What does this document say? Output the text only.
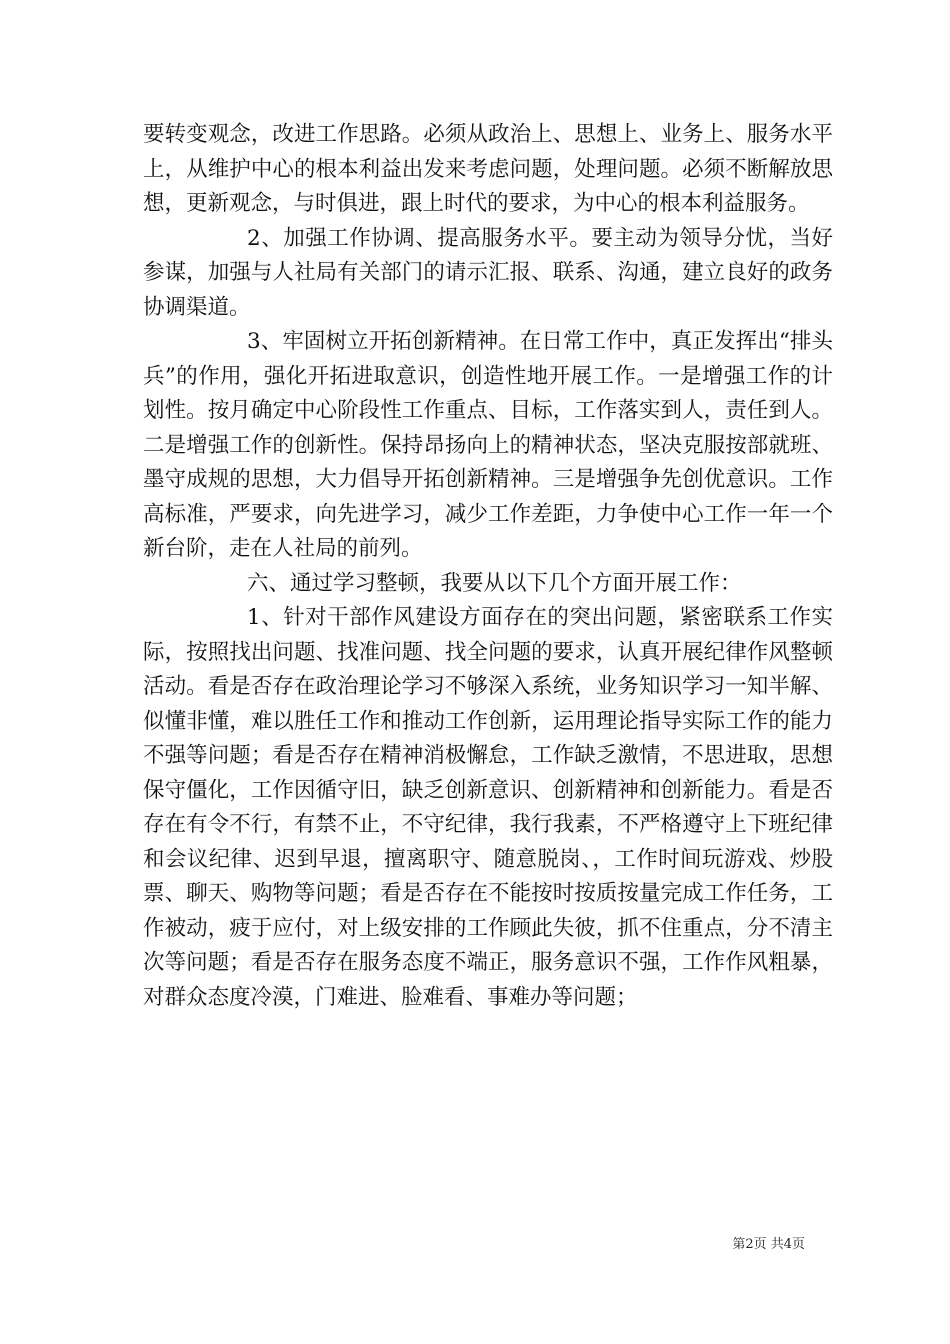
要转变观念，改进工作思路。必须从政治上、思想上、业务上、服务水平上，从维护中心的根本利益出发来考虑问题，处理问题。必须不断解放思想，更新观念，与时俱进，跟上时代的要求，为中心的根本利益服务。

2、加强工作协调、提高服务水平。要主动为领导分忧，当好参谋，加强与人社局有关部门的请示汇报、联系、沟通，建立良好的政务协调渠道。

3、牢固树立开拓创新精神。在日常工作中，真正发挥出“排头兵”的作用，强化开拓进取意识，创造性地开展工作。一是增强工作的计划性。按月确定中心阶段性工作重点、目标，工作落实到人，责任到人。二是增强工作的创新性。保持昂扬向上的精神状态，坚决克服按部就班、墨守成规的思想，大力倡导开拓创新精神。三是增强争先创优意识。工作高标准，严要求，向先进学习，减少工作差距，力争使中心工作一年一个新台阶，走在人社局的前列。

六、通过学习整顿，我要从以下几个方面开展工作：

1、针对干部作风建设方面存在的突出问题，紧密联系工作实际，按照找出问题、找准问题、找全问题的要求，认真开展纪律作风整顿活动。看是否存在政治理论学习不够深入系统，业务知识学习一知半解、似懂非懂，难以胜任工作和推动工作创新，运用理论指导实际工作的能力不强等问题；看是否存在精神消极懈怠，工作缺乏激情，不思进取，思想保守僵化，工作因循守旧，缺乏创新意识、创新精神和创新能力。看是否存在有令不行，有禁不止，不守纪律，我行我素，不严格遵守上下班纪律和会议纪律、迟到早退，擅离职守、随意脱岗、，工作时间玩游戏、炒股票、聊天、购物等问题；看是否存在不能按时按质按量完成工作任务，工作被动，疲于应付，对上级安排的工作顾此失彼，抓不住重点，分不清主次等问题；看是否存在服务态度不端正，服务意识不强，工作作风粗暴，对群众态度冷漠，门难进、脸难看、事难办等问题；

第2页 共4页
